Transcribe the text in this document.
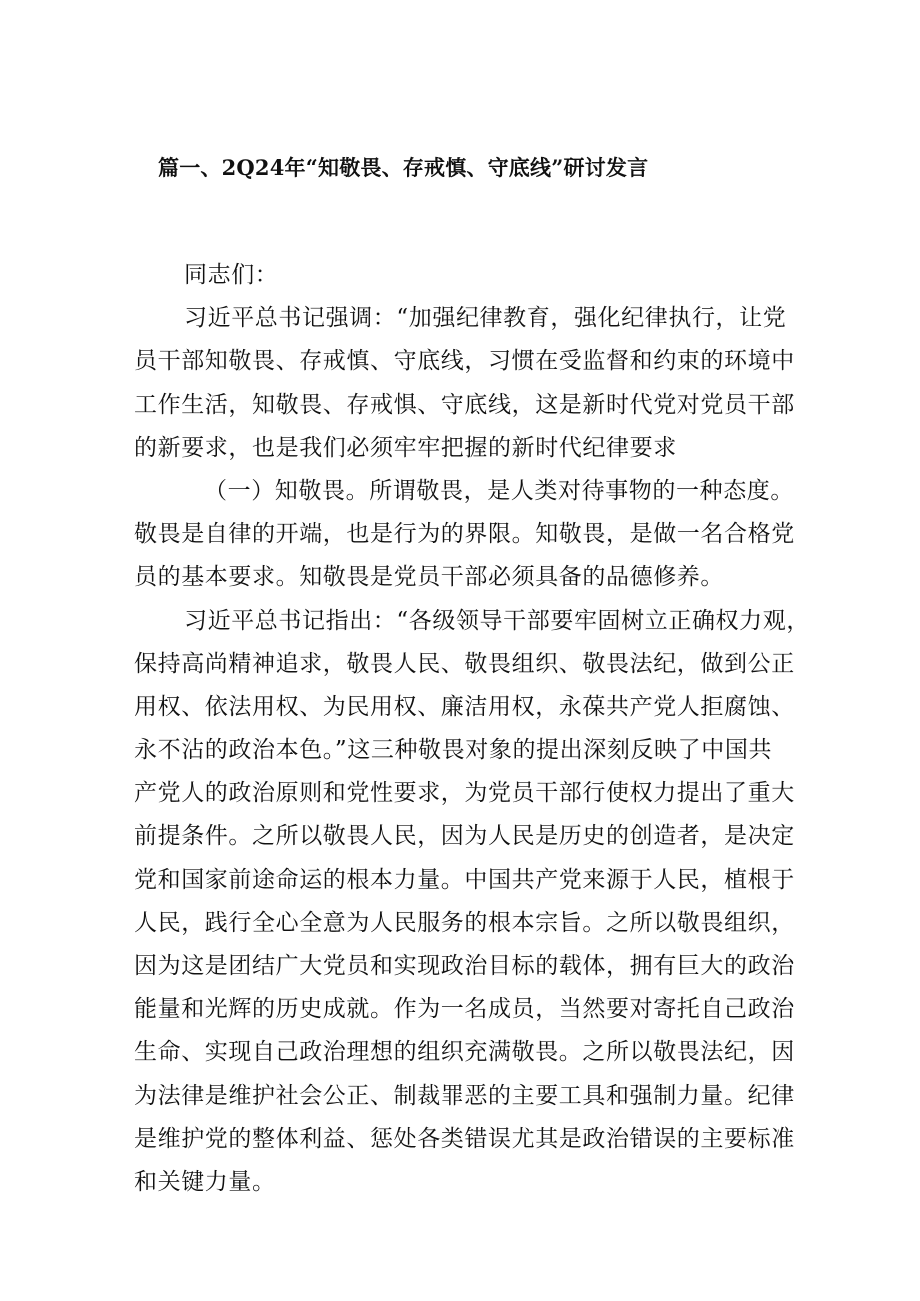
篇一、2Q24年“知敬畏、存戒慎、守底线”研讨发言
同志们：
习近平总书记强调：“加强纪律教育，强化纪律执行，让党
员干部知敬畏、存戒慎、守底线，习惯在受监督和约束的环境中
工作生活，知敬畏、存戒惧、守底线，这是新时代党对党员干部
的新要求，也是我们必须牢牢把握的新时代纪律要求
（一）知敬畏。所谓敬畏，是人类对待事物的一种态度。
敬畏是自律的开端，也是行为的界限。知敬畏，是做一名合格党
员的基本要求。知敬畏是党员干部必须具备的品德修养。
习近平总书记指出：“各级领导干部要牢固树立正确权力观，
保持高尚精神追求，敬畏人民、敬畏组织、敬畏法纪，做到公正
用权、依法用权、为民用权、廉洁用权，永葆共产党人拒腐蚀、
永不沾的政治本色。”这三种敬畏对象的提出深刻反映了中国共
产党人的政治原则和党性要求，为党员干部行使权力提出了重大
前提条件。之所以敬畏人民，因为人民是历史的创造者，是决定
党和国家前途命运的根本力量。中国共产党来源于人民，植根于
人民，践行全心全意为人民服务的根本宗旨。之所以敬畏组织，
因为这是团结广大党员和实现政治目标的载体，拥有巨大的政治
能量和光辉的历史成就。作为一名成员，当然要对寄托自己政治
生命、实现自己政治理想的组织充满敬畏。之所以敬畏法纪，因
为法律是维护社会公正、制裁罪恶的主要工具和强制力量。纪律
是维护党的整体利益、惩处各类错误尤其是政治错误的主要标准
和关键力量。
